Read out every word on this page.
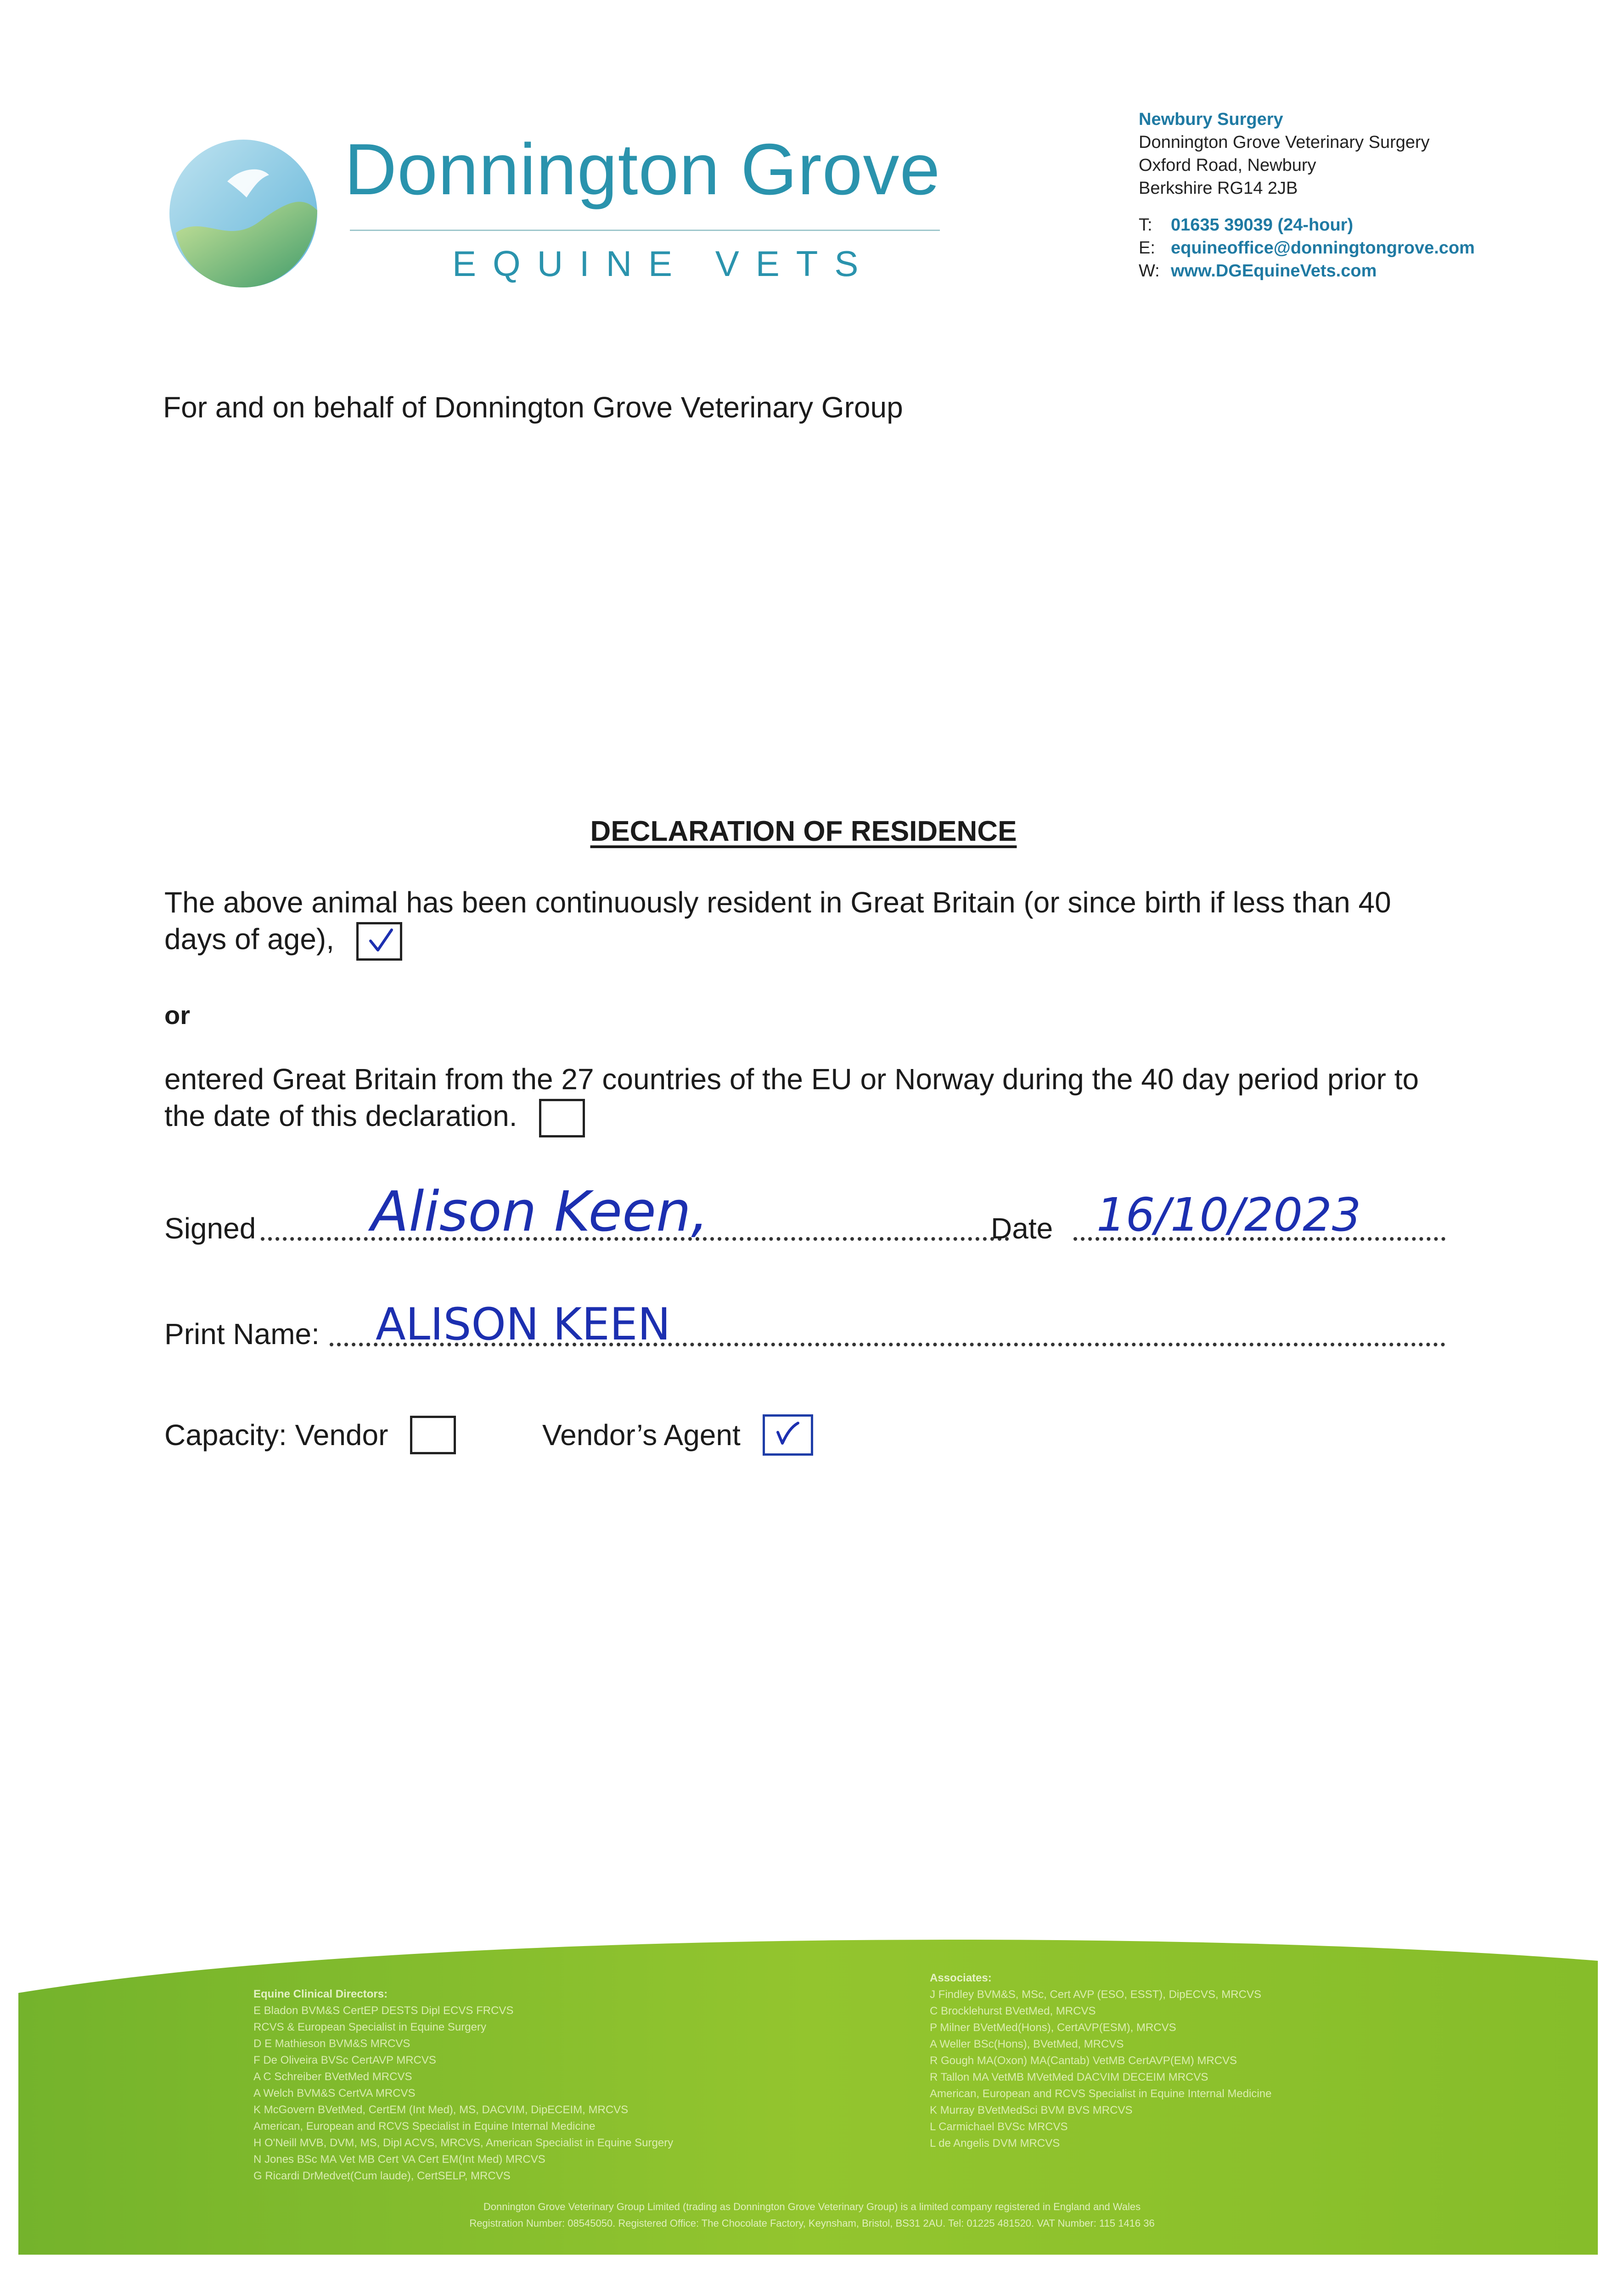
Donnington Grove
EQUINE VETS
Newbury Surgery
Donnington Grove Veterinary Surgery
Oxford Road, Newbury
Berkshire RG14 2JB
T: 01635 39039 (24-hour)
E: equineoffice@donningtongrove.com
W: www.DGEquineVets.com
For and on behalf of Donnington Grove Veterinary Group
DECLARATION OF RESIDENCE
The above animal has been continuously resident in Great Britain (or since birth if less than 40 days of age),
or
entered Great Britain from the 27 countries of the EU or Norway during the 40 day period prior to the date of this declaration.
Signed Alison Keen,	Date 16/10/2023
Print Name: ALISON KEEN
Capacity: Vendor	Vendor’s Agent
Equine Clinical Directors:
E Bladon BVM&S CertEP DESTS Dipl ECVS FRCVS
RCVS & European Specialist in Equine Surgery
D E Mathieson BVM&S MRCVS
F De Oliveira BVSc CertAVP MRCVS
A C Schreiber BVetMed MRCVS
A Welch BVM&S CertVA MRCVS
K McGovern BVetMed, CertEM (Int Med), MS, DACVIM, DipECEIM, MRCVS
American, European and RCVS Specialist in Equine Internal Medicine
H O'Neill MVB, DVM, MS, Dipl ACVS, MRCVS, American Specialist in Equine Surgery
N Jones BSc MA Vet MB Cert VA Cert EM(Int Med) MRCVS
G Ricardi DrMedvet(Cum laude), CertSELP, MRCVS
Associates:
J Findley BVM&S, MSc, Cert AVP (ESO, ESST), DipECVS, MRCVS
C Brocklehurst BVetMed, MRCVS
P Milner BVetMed(Hons), CertAVP(ESM), MRCVS
A Weller BSc(Hons), BVetMed, MRCVS
R Gough MA(Oxon) MA(Cantab) VetMB CertAVP(EM) MRCVS
R Tallon MA VetMB MVetMed DACVIM DECEIM MRCVS
American, European and RCVS Specialist in Equine Internal Medicine
K Murray BVetMedSci BVM BVS MRCVS
L Carmichael BVSc MRCVS
L de Angelis DVM MRCVS
Donnington Grove Veterinary Group Limited (trading as Donnington Grove Veterinary Group) is a limited company registered in England and Wales
Registration Number: 08545050. Registered Office: The Chocolate Factory, Keynsham, Bristol, BS31 2AU. Tel: 01225 481520. VAT Number: 115 1416 36
